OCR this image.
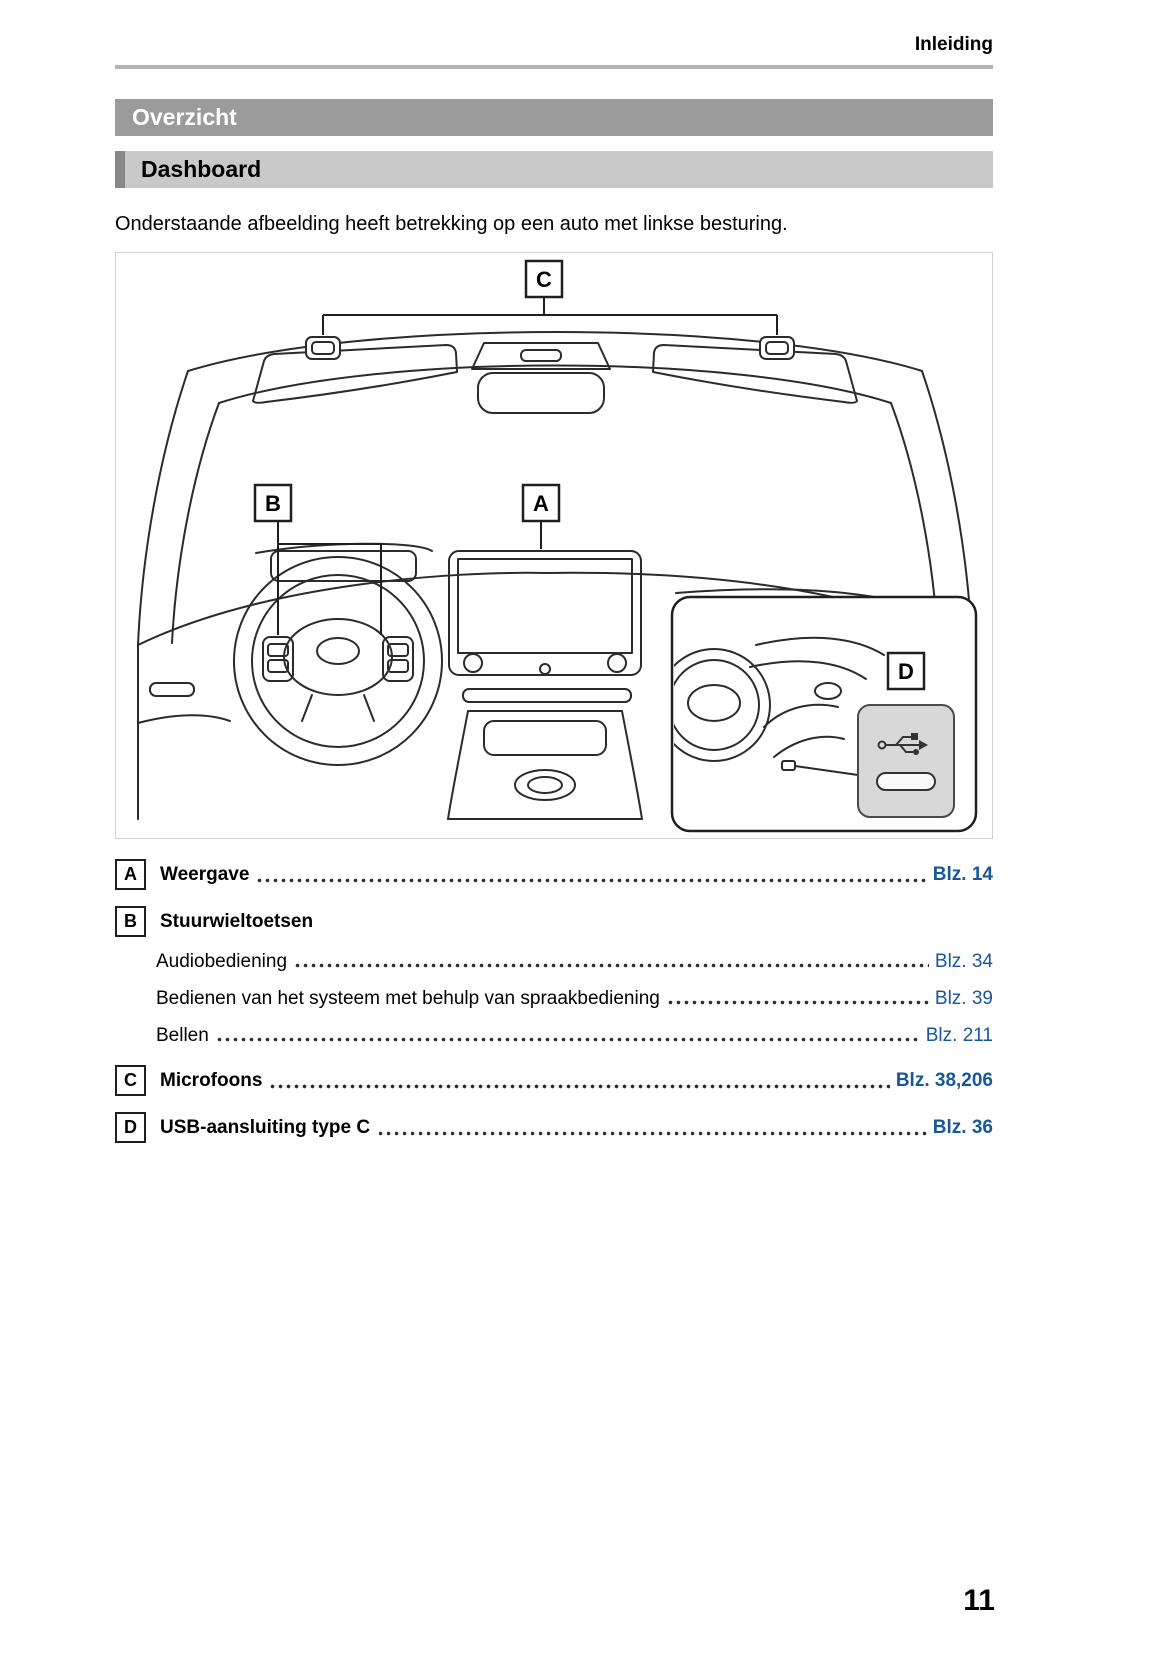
Inleiding
Overzicht
Dashboard

Onderstaande afbeelding heeft betrekking op een auto met linkse besturing.

C
B	A
D
A	Weergave	Blz. 14
B	Stuurwieltoetsen
Audiobediening	Blz. 34
Bedienen van het systeem met behulp van spraakbediening	Blz. 39
Bellen	Blz. 211
C	Microfoons	Blz. 38,206
D	USB-aansluiting type C	Blz. 36
11
